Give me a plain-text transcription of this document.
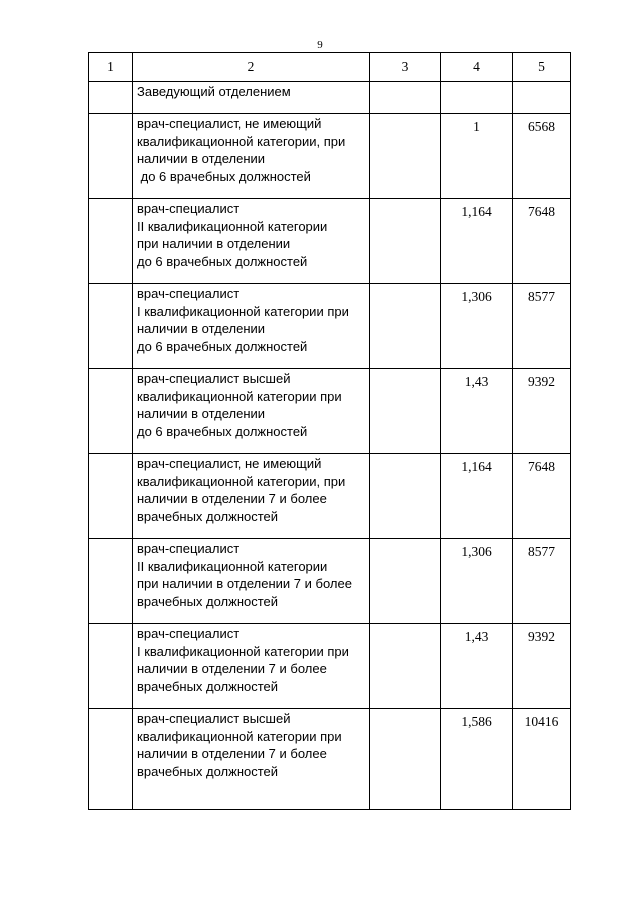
9
1	2	3	4	5

	Заведующий отделением			

	врач-специалист, не имеющий
квалификационной категории, при
наличии в отделении
до 6 врачебных должностей		1	6568

	врач-специалист
II квалификационной категории
при наличии в отделении
до 6 врачебных должностей		1,164	7648

	врач-специалист
I квалификационной категории при
наличии в отделении
до 6 врачебных должностей		1,306	8577

	врач-специалист высшей
квалификационной категории при
наличии в отделении
до 6 врачебных должностей		1,43	9392

	врач-специалист, не имеющий
квалификационной категории, при
наличии в отделении 7 и более
врачебных должностей		1,164	7648

	врач-специалист
II квалификационной категории
при наличии в отделении 7 и более
врачебных должностей		1,306	8577

	врач-специалист
I квалификационной категории при
наличии в отделении 7 и более
врачебных должностей		1,43	9392

	врач-специалист высшей
квалификационной категории при
наличии в отделении 7 и более
врачебных должностей		1,586	10416
